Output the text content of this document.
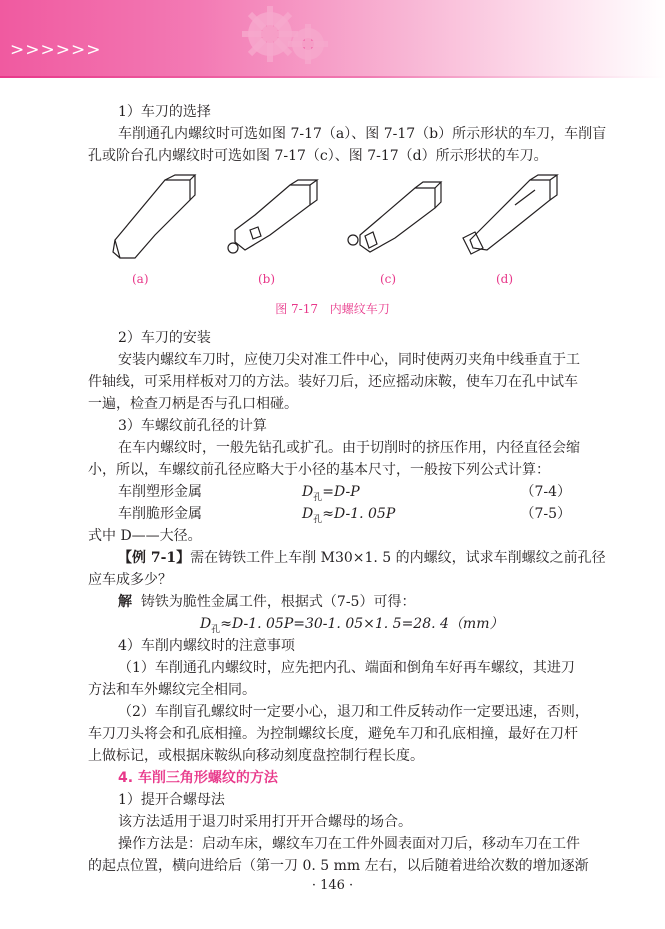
>>>>>>
1）车刀的选择
车削通孔内螺纹时可选如图 7-17（a）、图 7-17（b）所示形状的车刀，车削盲
孔或阶台孔内螺纹时可选如图 7-17（c）、图 7-17（d）所示形状的车刀。
(a)	(b)	(c)	(d)
图 7-17 内螺纹车刀
2）车刀的安装
安装内螺纹车刀时，应使刀尖对准工件中心，同时使两刃夹角中线垂直于工
件轴线，可采用样板对刀的方法。装好刀后，还应摇动床鞍，使车刀在孔中试车
一遍，检查刀柄是否与孔口相碰。
3）车螺纹前孔径的计算
在车内螺纹时，一般先钻孔或扩孔。由于切削时的挤压作用，内径直径会缩
小，所以，车螺纹前孔径应略大于小径的基本尺寸，一般按下列公式计算：
车削塑形金属	$D_孔=D-P$	（7-4）
车削脆形金属	$D_孔\approx D-1$. 05P	（7-5）
式中 D——大径。
【例 7-1】需在铸铁工件上车削 M30×1. 5 的内螺纹，试求车削螺纹之前孔径
应车成多少？
解 铸铁为脆性金属工件，根据式（7-5）可得：
$D_孔\approx D-1$. 05P=30-1. 05×1. 5=28. 4（mm）
4）车削内螺纹时的注意事项
（1）车削通孔内螺纹时，应先把内孔、端面和倒角车好再车螺纹，其进刀
方法和车外螺纹完全相同。
（2）车削盲孔螺纹时一定要小心，退刀和工件反转动作一定要迅速，否则，
车刀刀头将会和孔底相撞。为控制螺纹长度，避免车刀和孔底相撞，最好在刀杆
上做标记，或根据床鞍纵向移动刻度盘控制行程长度。
4. 车削三角形螺纹的方法
1）提开合螺母法
该方法适用于退刀时采用打开开合螺母的场合。
操作方法是：启动车床，螺纹车刀在工件外圆表面对刀后，移动车刀在工件
的起点位置，横向进给后（第一刀 0. 5 mm 左右，以后随着进给次数的增加逐渐
· 146 ·
